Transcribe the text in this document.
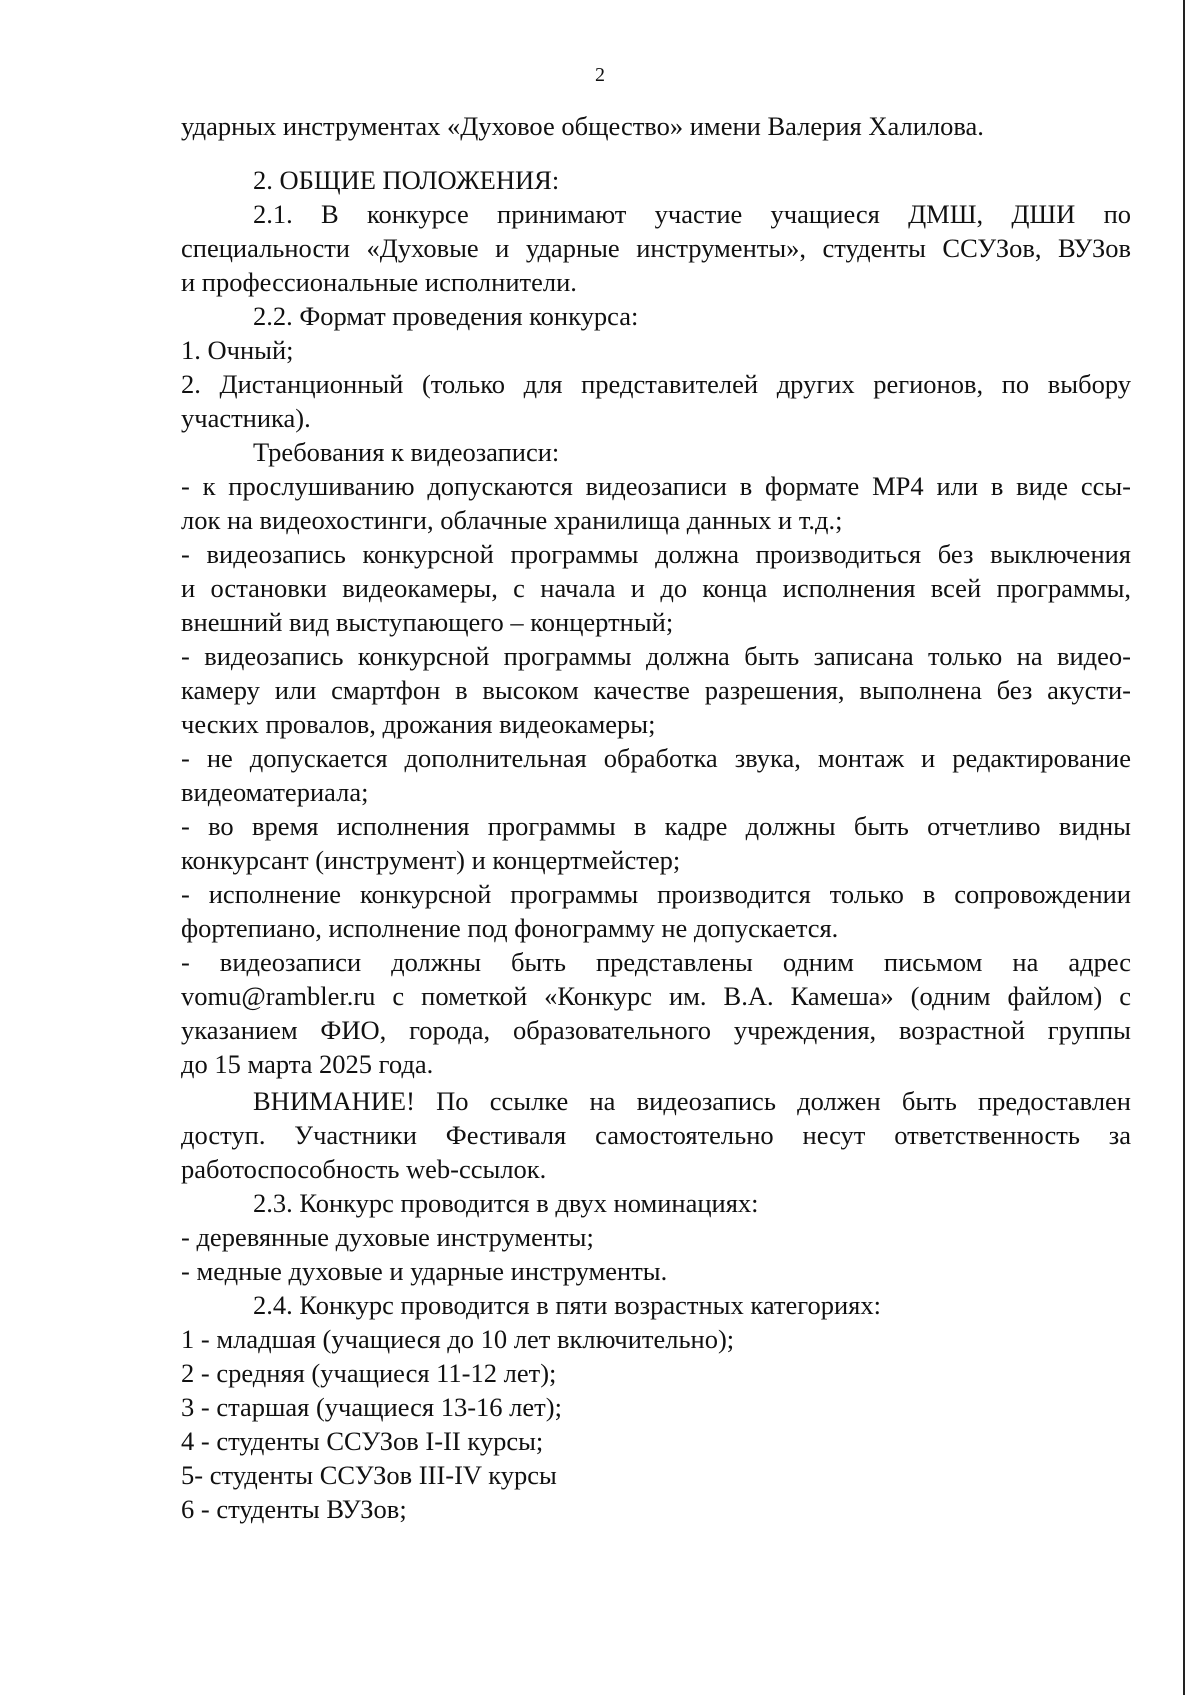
2
ударных инструментах «Духовое общество» имени Валерия Халилова.
2. ОБЩИЕ ПОЛОЖЕНИЯ:
2.1. В конкурсе принимают участие учащиеся ДМШ, ДШИ по
специальности «Духовые и ударные инструменты», студенты ССУЗов, ВУЗов
и профессиональные исполнители.
2.2. Формат проведения конкурса:
1. Очный;
2. Дистанционный (только для представителей других регионов, по выбору
участника).
Требования к видеозаписи:
- к прослушиванию допускаются видеозаписи в формате MP4 или в виде ссы-
лок на видеохостинги, облачные хранилища данных и т.д.;
- видеозапись конкурсной программы должна производиться без выключения
и остановки видеокамеры, с начала и до конца исполнения всей программы,
внешний вид выступающего – концертный;
- видеозапись конкурсной программы должна быть записана только на видео-
камеру или смартфон в высоком качестве разрешения, выполнена без акусти-
ческих провалов, дрожания видеокамеры;
- не допускается дополнительная обработка звука, монтаж и редактирование
видеоматериала;
- во время исполнения программы в кадре должны быть отчетливо видны
конкурсант (инструмент) и концертмейстер;
- исполнение конкурсной программы производится только в сопровождении
фортепиано, исполнение под фонограмму не допускается.
- видеозаписи должны быть представлены одним письмом на адрес
vomu@rambler.ru с пометкой «Конкурс им. В.А. Камеша» (одним файлом) с
указанием ФИО, города, образовательного учреждения, возрастной группы
до 15 марта 2025 года.
ВНИМАНИЕ! По ссылке на видеозапись должен быть предоставлен
доступ. Участники Фестиваля самостоятельно несут ответственность за
работоспособность web-ссылок.
2.3. Конкурс проводится в двух номинациях:
- деревянные духовые инструменты;
- медные духовые и ударные инструменты.
2.4. Конкурс проводится в пяти возрастных категориях:
1 - младшая (учащиеся до 10 лет включительно);
2 - средняя (учащиеся 11-12 лет);
3 - старшая (учащиеся 13-16 лет);
4 - студенты ССУЗов I-II курсы;
5- студенты ССУЗов III-IV курсы
6 - студенты ВУЗов;
